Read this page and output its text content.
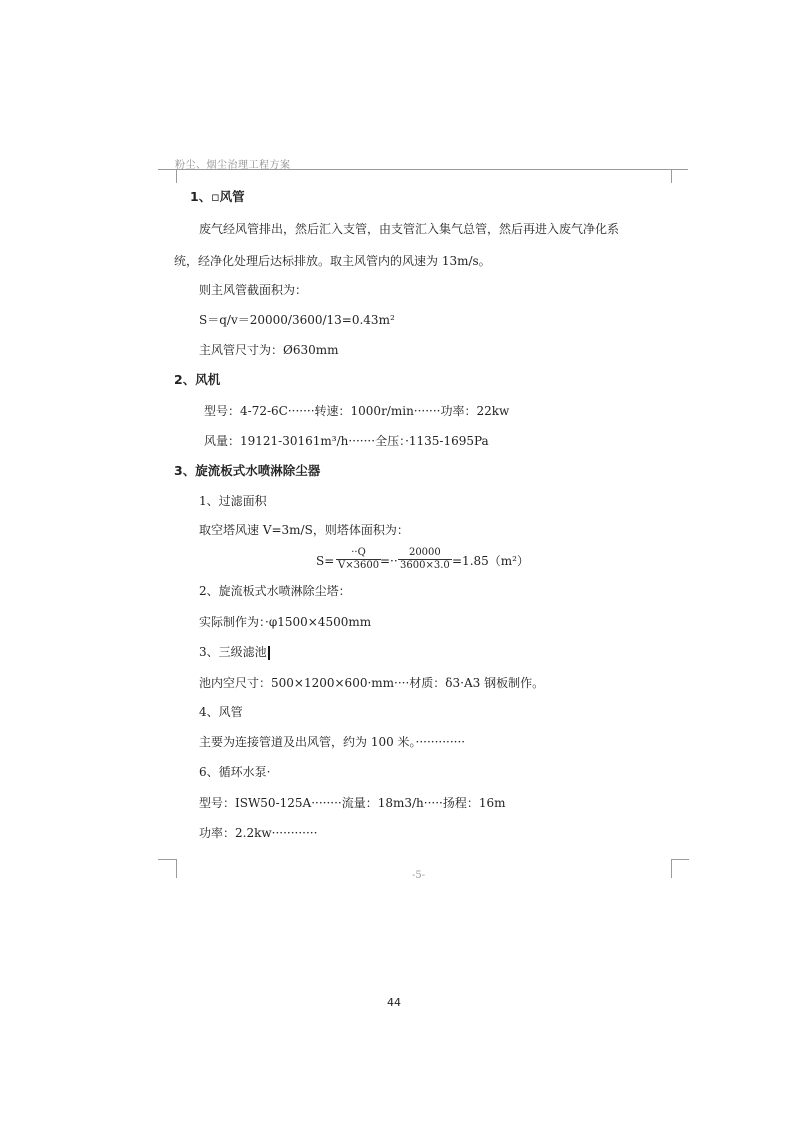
粉尘、烟尘治理工程方案
1、▫风管
废气经风管排出，然后汇入支管，由支管汇入集气总管，然后再进入废气净化系
统，经净化处理后达标排放。取主风管内的风速为 13m/s。
则主风管截面积为：
S＝q/v＝20000/3600/13=0.43m²
主风管尺寸为：Ø630mm
2、风机
型号：4-72-6C·······转速：1000r/min·······功率：22kw
风量：19121-30161m³/h·······全压：·1135-1695Pa
3、旋流板式水喷淋除尘器
1、过滤面积
取空塔风速 V=3m/S，则塔体面积为：
$S= \frac{\cdot\cdot Q}{V\times 3600}$
=·· $\frac{20000}{3600\times 3.0} =1.85(m^2)$
2、旋流板式水喷淋除尘塔：
实际制作为：·φ1500×4500mm
3、三级滤池
池内空尺寸：500×1200×600·mm····材质：δ3·A3 钢板制作。
4、风管
主要为连接管道及出风管，约为 100 米。·············
6、循环水泵·
型号：ISW50-125A········流量：18m3/h·····扬程：16m
功率：2.2kw············
-5-
44
